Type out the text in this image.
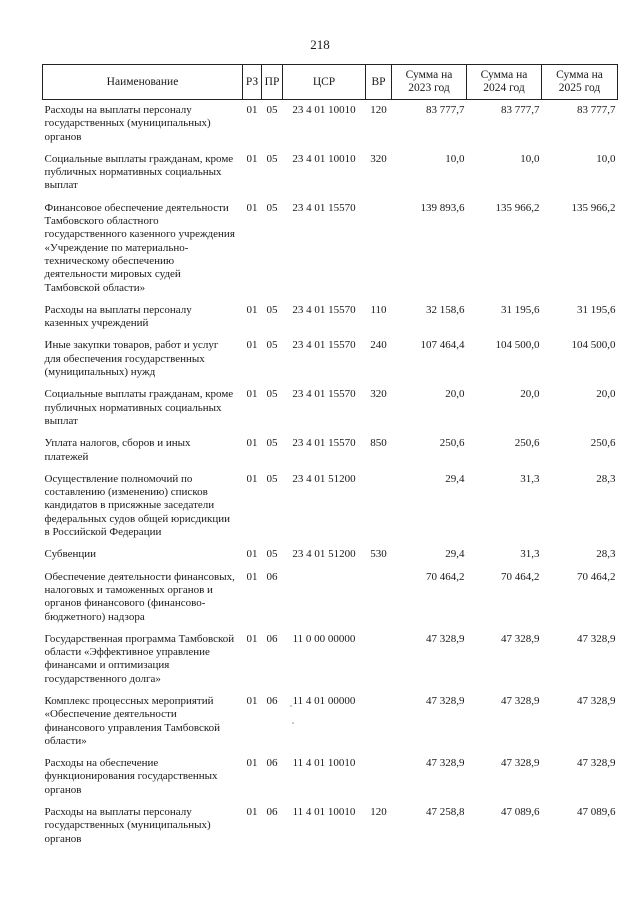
218
Наименование	РЗ	ПР	ЦСР	ВР	Сумма на 2023 год	Сумма на 2024 год	Сумма на 2025 год
Расходы на выплаты персоналу государственных (муниципальных) органов	01	05	23 4 01 10010	120	83 777,7	83 777,7	83 777,7
Социальные выплаты гражданам, кроме публичных нормативных социальных выплат	01	05	23 4 01 10010	320	10,0	10,0	10,0
Финансовое обеспечение деятельности Тамбовского областного государственного казенного учреждения «Учреждение по материально-техническому обеспечению деятельности мировых судей Тамбовской области»	01	05	23 4 01 15570		139 893,6	135 966,2	135 966,2
Расходы на выплаты персоналу казенных учреждений	01	05	23 4 01 15570	110	32 158,6	31 195,6	31 195,6
Иные закупки товаров, работ и услуг для обеспечения государственных (муниципальных) нужд	01	05	23 4 01 15570	240	107 464,4	104 500,0	104 500,0
Социальные выплаты гражданам, кроме публичных нормативных социальных выплат	01	05	23 4 01 15570	320	20,0	20,0	20,0
Уплата налогов, сборов и иных платежей	01	05	23 4 01 15570	850	250,6	250,6	250,6
Осуществление полномочий по составлению (изменению) списков кандидатов в присяжные заседатели федеральных судов общей юрисдикции в Российской Федерации	01	05	23 4 01 51200		29,4	31,3	28,3
Субвенции	01	05	23 4 01 51200	530	29,4	31,3	28,3
Обеспечение деятельности финансовых, налоговых и таможенных органов и органов финансового (финансово-бюджетного) надзора	01	06			70 464,2	70 464,2	70 464,2
Государственная программа Тамбовской области «Эффективное управление финансами и оптимизация государственного долга»	01	06	11 0 00 00000		47 328,9	47 328,9	47 328,9
Комплекс процессных мероприятий «Обеспечение деятельности финансового управления Тамбовской области»	01	06	11 4 01 00000		47 328,9	47 328,9	47 328,9
Расходы на обеспечение функционирования государственных органов	01	06	11 4 01 10010		47 328,9	47 328,9	47 328,9
Расходы на выплаты персоналу государственных (муниципальных) органов	01	06	11 4 01 10010	120	47 258,8	47 089,6	47 089,6
